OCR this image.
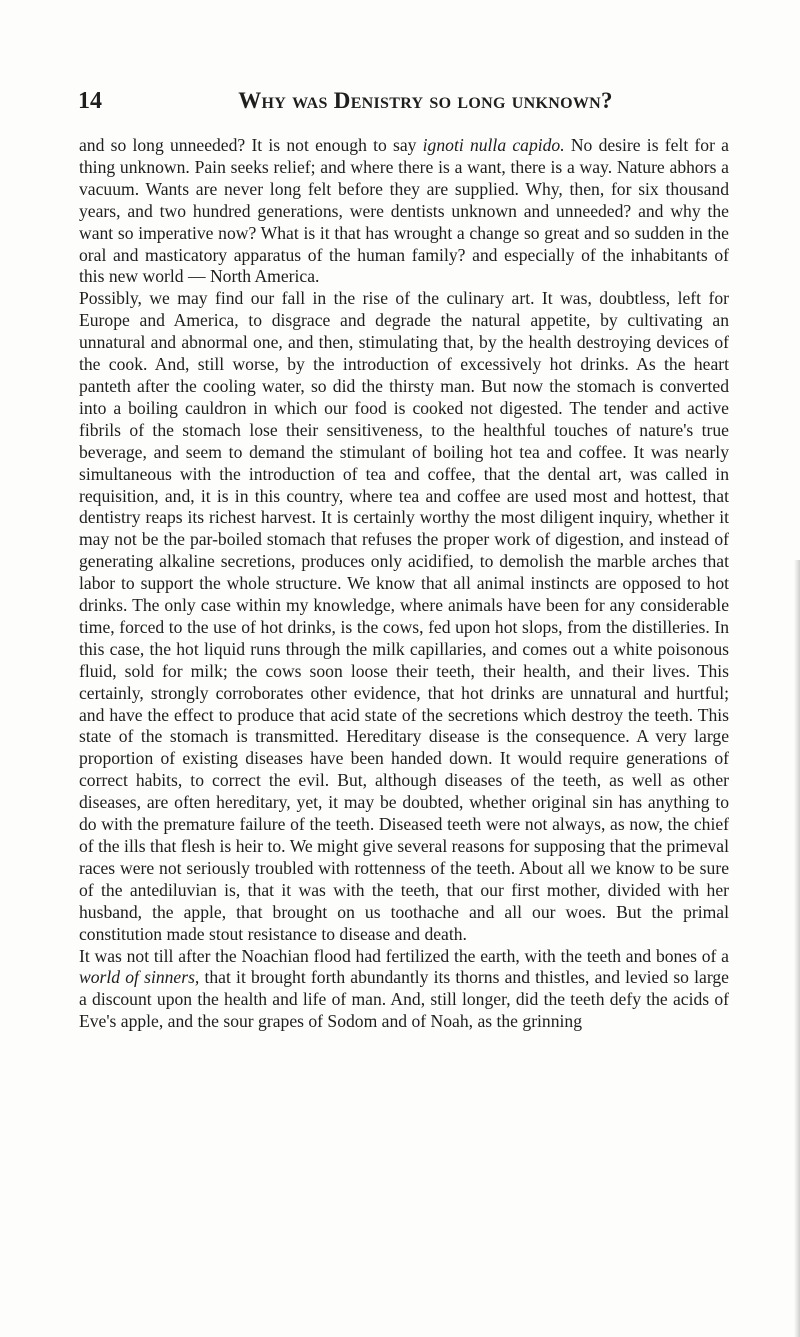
14	Why was Denistry so long unknown?

and so long unneeded? It is not enough to say ignoti nulla capido. No desire is felt for a thing unknown. Pain seeks relief; and where there is a want, there is a way. Nature abhors a vacuum. Wants are never long felt before they are supplied. Why, then, for six thousand years, and two hundred generations, were dentists unknown and unneeded? and why the want so imperative now? What is it that has wrought a change so great and so sudden in the oral and masticatory apparatus of the human family? and especially of the inhabitants of this new world — North America.

Possibly, we may find our fall in the rise of the culinary art. It was, doubtless, left for Europe and America, to disgrace and degrade the natural appetite, by cultivating an unnatural and abnormal one, and then, stimulating that, by the health destroying devices of the cook. And, still worse, by the introduction of excessively hot drinks. As the heart panteth after the cooling water, so did the thirsty man. But now the stomach is converted into a boiling cauldron in which our food is cooked not digested. The tender and active fibrils of the stomach lose their sensitiveness, to the healthful touches of nature's true beverage, and seem to demand the stimulant of boiling hot tea and coffee. It was nearly simultaneous with the introduction of tea and coffee, that the dental art, was called in requisition, and, it is in this country, where tea and coffee are used most and hottest, that dentistry reaps its richest harvest. It is certainly worthy the most diligent inquiry, whether it may not be the par-boiled stomach that refuses the proper work of digestion, and instead of generating alkaline secretions, produces only acidified, to demolish the marble arches that labor to support the whole structure. We know that all animal instincts are opposed to hot drinks. The only case within my knowledge, where animals have been for any considerable time, forced to the use of hot drinks, is the cows, fed upon hot slops, from the distilleries. In this case, the hot liquid runs through the milk capillaries, and comes out a white poisonous fluid, sold for milk; the cows soon loose their teeth, their health, and their lives. This certainly, strongly corroborates other evidence, that hot drinks are unnatural and hurtful; and have the effect to produce that acid state of the secretions which destroy the teeth. This state of the stomach is transmitted. Hereditary disease is the consequence. A very large proportion of existing diseases have been handed down. It would require generations of correct habits, to correct the evil. But, although diseases of the teeth, as well as other diseases, are often hereditary, yet, it may be doubted, whether original sin has anything to do with the premature failure of the teeth. Diseased teeth were not always, as now, the chief of the ills that flesh is heir to. We might give several reasons for supposing that the primeval races were not seriously troubled with rottenness of the teeth. About all we know to be sure of the antediluvian is, that it was with the teeth, that our first mother, divided with her husband, the apple, that brought on us toothache and all our woes. But the primal constitution made stout resistance to disease and death.

It was not till after the Noachian flood had fertilized the earth, with the teeth and bones of a world of sinners, that it brought forth abundantly its thorns and thistles, and levied so large a discount upon the health and life of man. And, still longer, did the teeth defy the acids of Eve's apple, and the sour grapes of Sodom and of Noah, as the grinning
